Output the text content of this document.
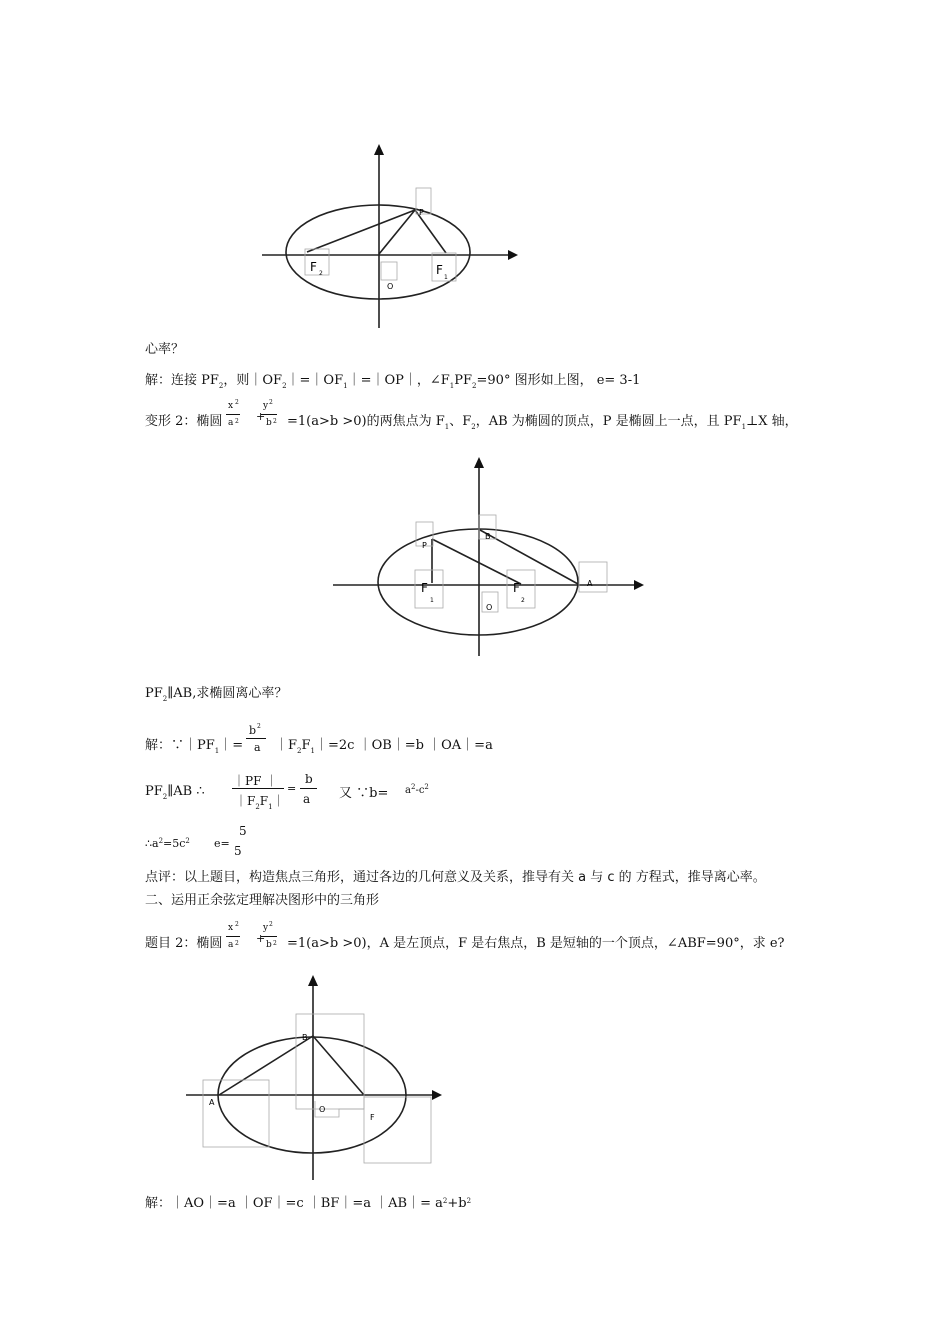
P
F 2	F
1
O
P
B
F
1
F
2
A
O
B
A
O
F
心率？
解：连接 $PF_2$，则$|OF_2|=|OF_1|=|OP|$，$\angle F_1PF_2=90^\circ$ 图形如上图， e= 3-1
变形 2：椭圆
x 2
a 2 +
y 2
b 2 =1(a>b >0)的两焦点为 $F_1$、$F_2$，AB 为椭圆的顶点，P 是椭圆上一点，且 $PF_1\perp X$ 轴，
$PF_2\parallel AB$,求椭圆离心率？
解：$\because|PF_1|=$
b 2
a $|F_2F_1|=2c$ ｜OB｜=b ｜OA｜=a
$PF_2\parallel AB$ ∴
｜PF ｜
$|F_2F_1|$
=
b
a 又 ∵b= $a^2-c^2$
$\therefore a^2=5c^2$ e=
5
5
点评：以上题目，构造焦点三角形，通过各边的几何意义及关系，推导有关 a 与 c 的 方程式，推导离心率。
二、运用正余弦定理解决图形中的三角形
题目 2：椭圆
x 2
a 2 +
y 2
b 2 =1(a>b >0)，A 是左顶点，F 是右焦点，B 是短轴的一个顶点，∠ABF=90°，求 e?
解：｜AO｜=a ｜OF｜=c ｜BF｜=a ｜AB｜= $a^2+b^2$
